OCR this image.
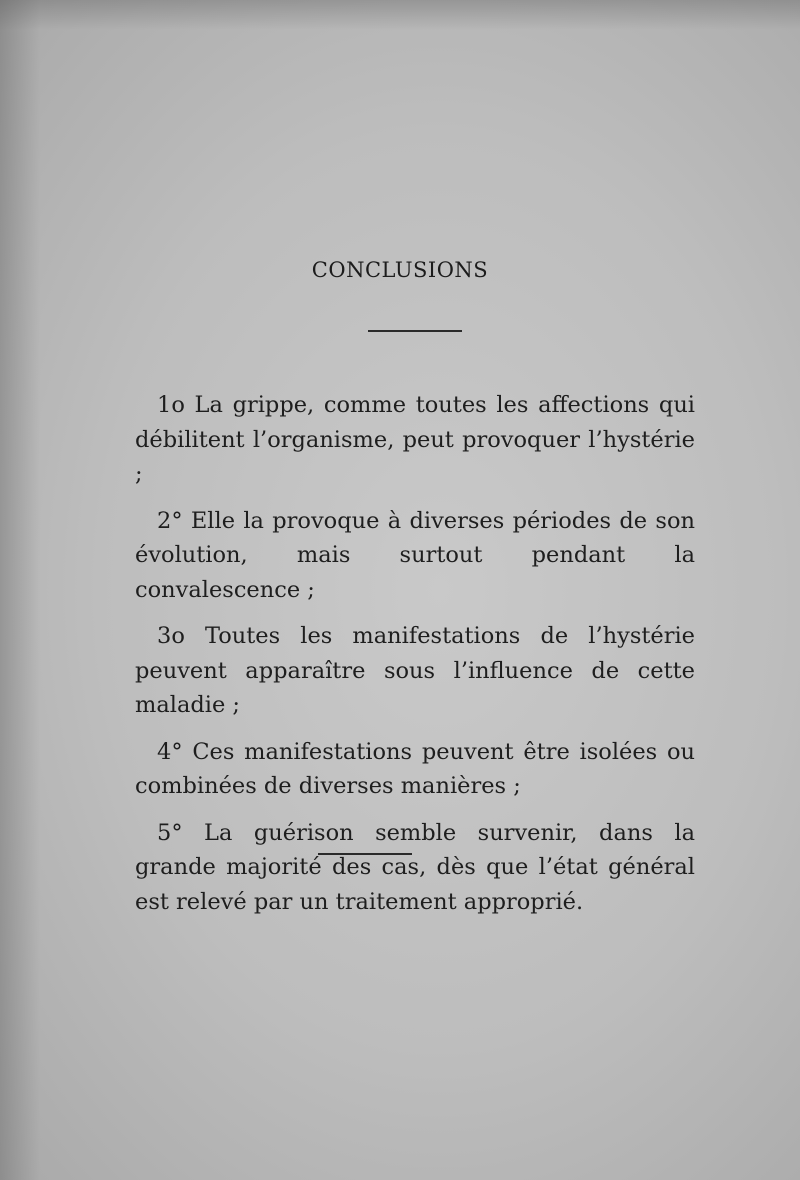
CONCLUSIONS
1o La grippe, comme toutes les affections qui débilitent l’organisme, peut provoquer l’hystérie ;
2° Elle la provoque à diverses périodes de son évolution, mais surtout pendant la convalescence ;
3o Toutes les manifestations de l’hystérie peuvent apparaître sous l’influence de cette maladie ;
4° Ces manifestations peuvent être isolées ou combinées de diverses manières ;
5° La guérison semble survenir, dans la grande majorité des cas, dès que l’état général est relevé par un traitement approprié.
